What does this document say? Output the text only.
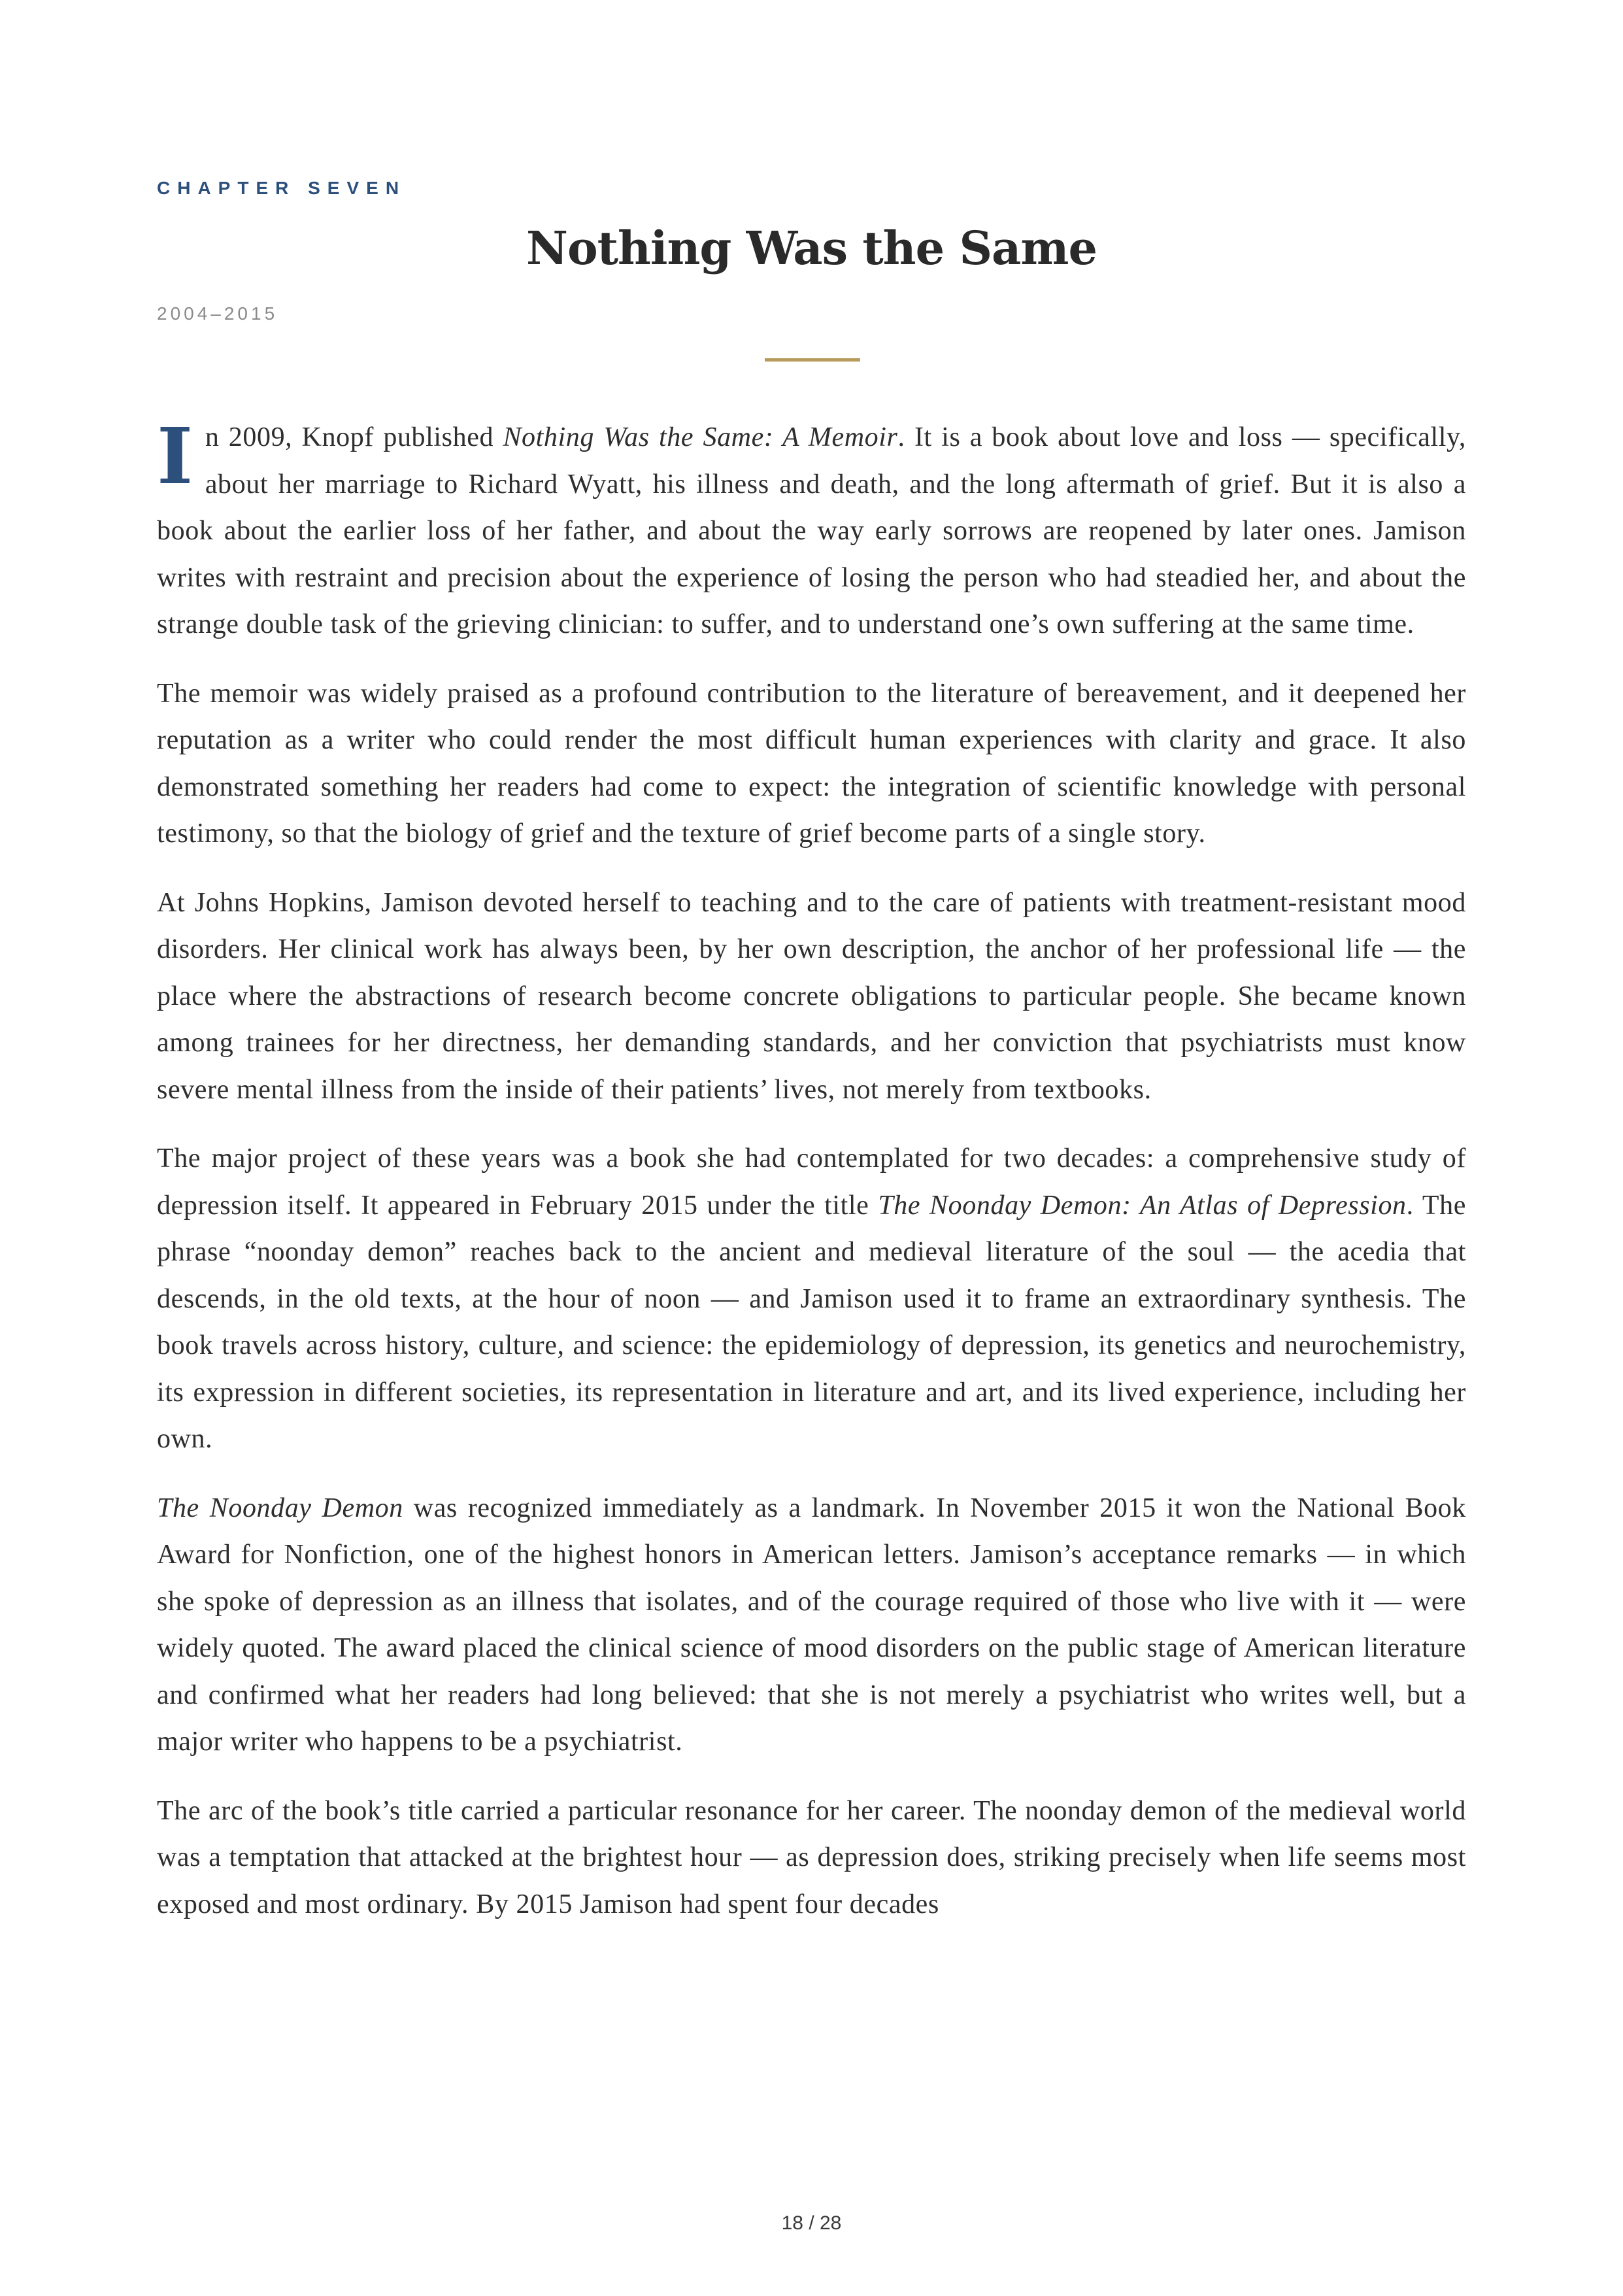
CHAPTER SEVEN
Nothing Was the Same
2004–2015

In 2009, Knopf published Nothing Was the Same: A Memoir. It is a book about love and loss — specifically, about her marriage to Richard Wyatt, his illness and death, and the long aftermath of grief. But it is also a book about the earlier loss of her father, and about the way early sorrows are reopened by later ones. Jamison writes with restraint and precision about the experience of losing the person who had steadied her, and about the strange double task of the grieving clinician: to suffer, and to understand one’s own suffering at the same time.

The memoir was widely praised as a profound contribution to the literature of bereavement, and it deepened her reputation as a writer who could render the most difficult human experiences with clarity and grace. It also demonstrated something her readers had come to expect: the integration of scientific knowledge with personal testimony, so that the biology of grief and the texture of grief become parts of a single story.

At Johns Hopkins, Jamison devoted herself to teaching and to the care of patients with treatment-resistant mood disorders. Her clinical work has always been, by her own description, the anchor of her professional life — the place where the abstractions of research become concrete obligations to particular people. She became known among trainees for her directness, her demanding standards, and her conviction that psychiatrists must know severe mental illness from the inside of their patients’ lives, not merely from textbooks.

The major project of these years was a book she had contemplated for two decades: a comprehensive study of depression itself. It appeared in February 2015 under the title The Noonday Demon: An Atlas of Depression. The phrase “noonday demon” reaches back to the ancient and medieval literature of the soul — the acedia that descends, in the old texts, at the hour of noon — and Jamison used it to frame an extraordinary synthesis. The book travels across history, culture, and science: the epidemiology of depression, its genetics and neurochemistry, its expression in different societies, its representation in literature and art, and its lived experience, including her own.

The Noonday Demon was recognized immediately as a landmark. In November 2015 it won the National Book Award for Nonfiction, one of the highest honors in American letters. Jamison’s acceptance remarks — in which she spoke of depression as an illness that isolates, and of the courage required of those who live with it — were widely quoted. The award placed the clinical science of mood disorders on the public stage of American literature and confirmed what her readers had long believed: that she is not merely a psychiatrist who writes well, but a major writer who happens to be a psychiatrist.

The arc of the book’s title carried a particular resonance for her career. The noonday demon of the medieval world was a temptation that attacked at the brightest hour — as depression does, striking precisely when life seems most exposed and most ordinary. By 2015 Jamison had spent four decades

18 / 28
